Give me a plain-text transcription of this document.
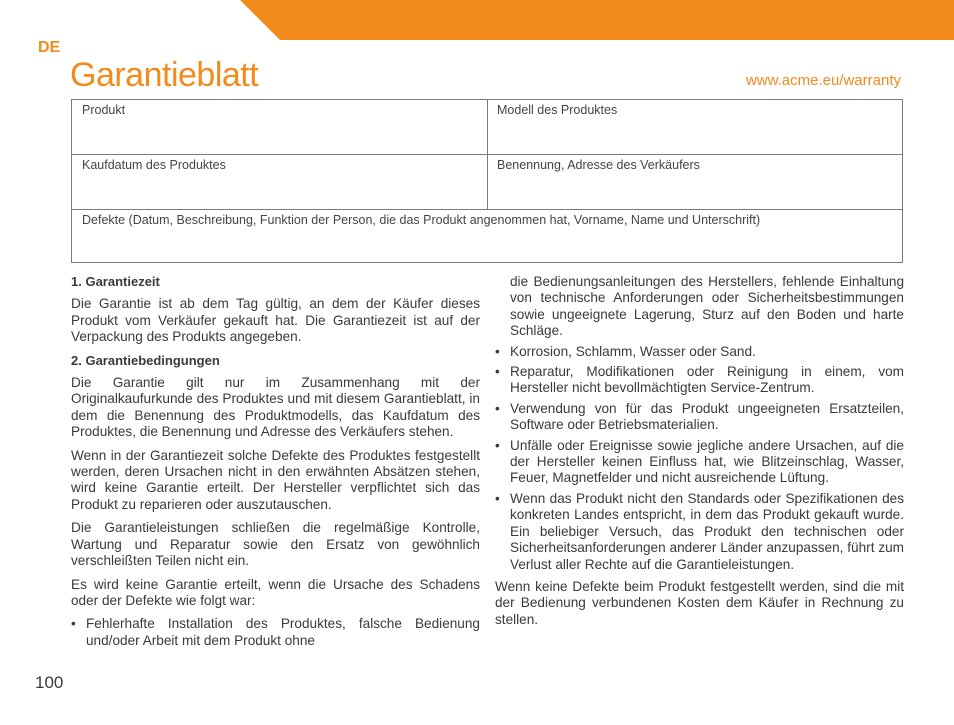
DE
Garantieblatt	www.acme.eu/warranty
Produkt	Modell des Produktes
Kaufdatum des Produktes	Benennung, Adresse des Verkäufers
Defekte (Datum, Beschreibung, Funktion der Person, die das Produkt angenommen hat, Vorname, Name und Unterschrift)
1. Garantiezeit

Die Garantie ist ab dem Tag gültig, an dem der Käufer dieses Produkt vom Verkäufer gekauft hat. Die Garantiezeit ist auf der Verpackung des Produkts angegeben.

2. Garantiebedingungen

Die Garantie gilt nur im Zusammenhang mit der Originalkaufurkunde des Produktes und mit diesem Garantieblatt, in dem die Benennung des Produktmodells, das Kaufdatum des Produktes, die Benennung und Adresse des Verkäufers stehen.

Wenn in der Garantiezeit solche Defekte des Produktes festgestellt werden, deren Ursachen nicht in den erwähnten Absätzen stehen, wird keine Garantie erteilt. Der Hersteller verpflichtet sich das Produkt zu reparieren oder auszutauschen.

Die Garantieleistungen schließen die regelmäßige Kontrolle, Wartung und Reparatur sowie den Ersatz von gewöhnlich verschleißten Teilen nicht ein.

Es wird keine Garantie erteilt, wenn die Ursache des Schadens oder der Defekte wie folgt war:

• Fehlerhafte Installation des Produktes, falsche Bedienung und/oder Arbeit mit dem Produkt ohne
die Bedienungsanleitungen des Herstellers, fehlende Einhaltung von technische Anforderungen oder Sicherheitsbestimmungen sowie ungeeignete Lagerung, Sturz auf den Boden und harte Schläge.
• Korrosion, Schlamm, Wasser oder Sand.
• Reparatur, Modifikationen oder Reinigung in einem, vom Hersteller nicht bevollmächtigten Service-Zentrum.
• Verwendung von für das Produkt ungeeigneten Ersatzteilen, Software oder Betriebsmaterialien.
• Unfälle oder Ereignisse sowie jegliche andere Ursachen, auf die der Hersteller keinen Einfluss hat, wie Blitzeinschlag, Wasser, Feuer, Magnetfelder und nicht ausreichende Lüftung.
• Wenn das Produkt nicht den Standards oder Spezifikationen des konkreten Landes entspricht, in dem das Produkt gekauft wurde. Ein beliebiger Versuch, das Produkt den technischen oder Sicherheitsanforderungen anderer Länder anzupassen, führt zum Verlust aller Rechte auf die Garantieleistungen.

Wenn keine Defekte beim Produkt festgestellt werden, sind die mit der Bedienung verbundenen Kosten dem Käufer in Rechnung zu stellen.

100
